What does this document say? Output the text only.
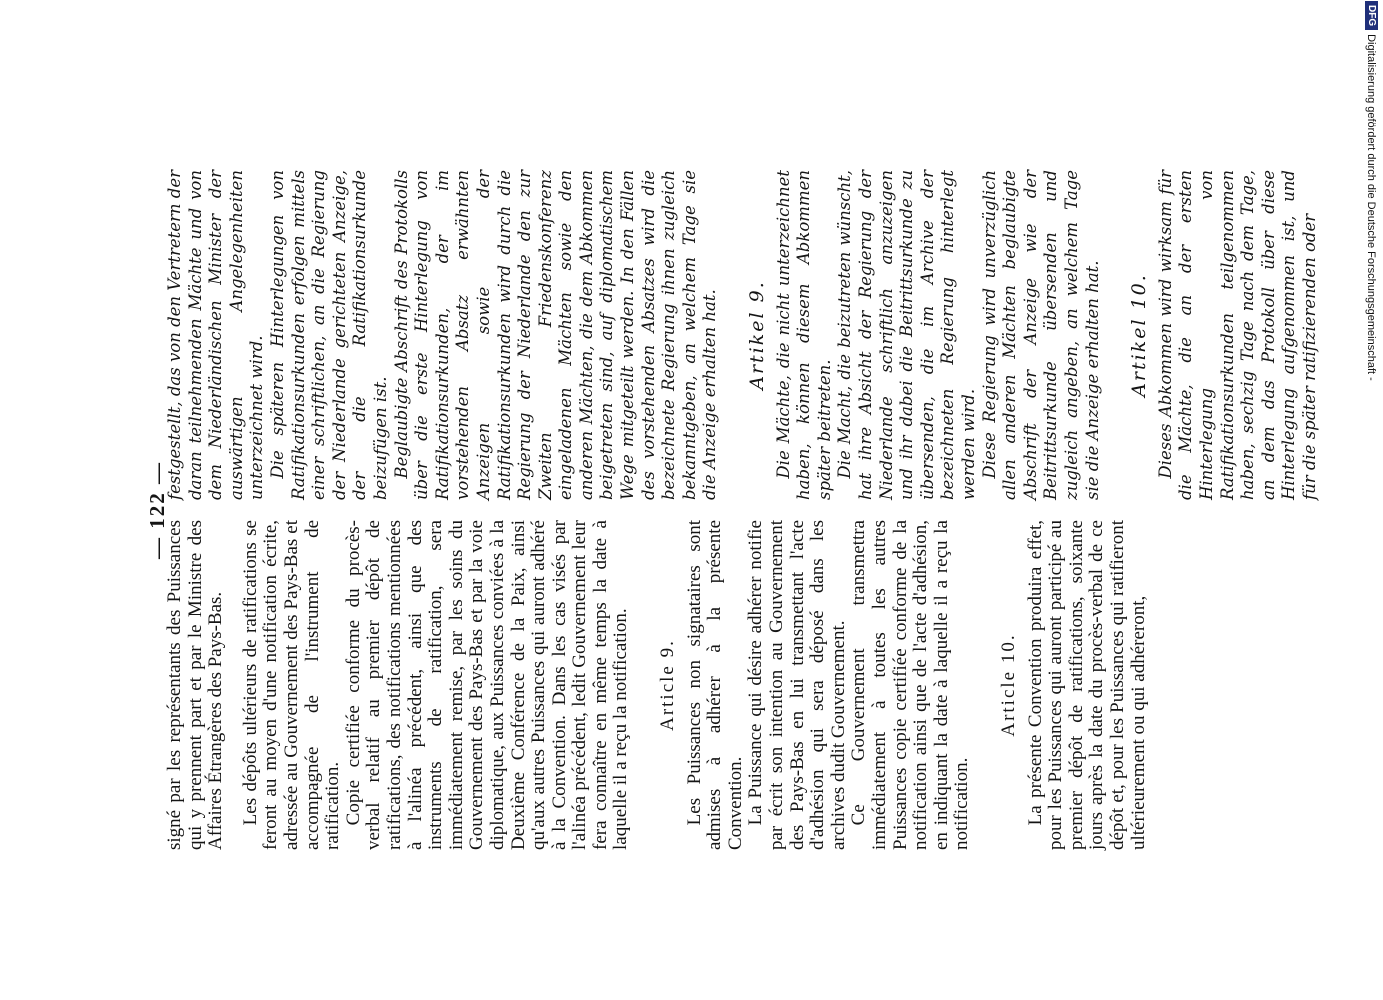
— 122 —

signé par les représentants des Puissances qui y prennent part et par le Ministre des Affaires Étrangères des Pays-Bas. Les dépôts ultérieurs de ratifications se feront au moyen d'une notification écrite, adressée au Gouvernement des Pays-Bas et accompagnée de l'instrument de ratification. Copie certifiée conforme du procès-verbal relatif au premier dépôt de ratifications, des notifications mentionnées à l'alinéa précédent, ainsi que des instruments de ratification, sera immédiatement remise, par les soins du Gouvernement des Pays-Bas et par la voie diplomatique, aux Puissances conviées à la Deuxième Conférence de la Paix, ainsi qu'aux autres Puissances qui auront adhéré à la Convention. Dans les cas visés par l'alinéa précédent, ledit Gouvernement leur fera connaître en même temps la date à laquelle il a reçu la notification. Article 9. Les Puissances non signataires sont admises à adhérer à la présente Convention. La Puissance qui désire adhérer notifie par écrit son intention au Gouvernement des Pays-Bas en lui transmettant l'acte d'adhésion qui sera déposé dans les archives dudit Gouvernement. Ce Gouvernement transmettra immédiatement à toutes les autres Puissances copie certifiée conforme de la notification ainsi que de l'acte d'adhésion, en indiquant la date à laquelle il a reçu la notification.

Article 10. La présente Convention produira effet, pour les Puissances qui auront participé au premier dépôt de ratifications, soixante jours après la date du procès-verbal de ce dépôt et, pour les Puissances qui ratifieront ultérieurement ou qui adhéreront,

festgestellt, das von den Vertretern der daran teilnehmenden Mächte und von dem Niederländischen Minister der auswärtigen Angelegenheiten unterzeichnet wird. Die späteren Hinterlegungen von Ratifikationsurkunden erfolgen mittels einer schriftlichen, an die Regierung der Niederlande gerichteten Anzeige, der die Ratifikationsurkunde beizufügen ist. Beglaubigte Abschrift des Protokolls über die erste Hinterlegung von Ratifikationsurkunden, der im vorstehenden Absatz erwähnten Anzeigen sowie der Ratifikationsurkunden wird durch die Regierung der Niederlande den zur Zweiten Friedenskonferenz eingeladenen Mächten sowie den anderen Mächten, die dem Abkommen beigetreten sind, auf diplomatischem Wege mitgeteilt werden. In den Fällen des vorstehenden Absatzes wird die bezeichnete Regierung ihnen zugleich bekanntgeben, an welchem Tage sie die Anzeige erhalten hat. Artikel 9. Die Mächte, die nicht unterzeichnet haben, können diesem Abkommen später beitreten. Die Macht, die beizutreten wünscht, hat ihre Absicht der Regierung der Niederlande schriftlich anzuzeigen und ihr dabei die Beitrittsurkunde zu übersenden, die im Archive der bezeichneten Regierung hinterlegt werden wird. Diese Regierung wird unverzüglich allen anderen Mächten beglaubigte Abschrift der Anzeige wie der Beitrittsurkunde übersenden und zugleich angeben, an welchem Tage sie die Anzeige erhalten hat. Artikel 10. Dieses Abkommen wird wirksam für die Mächte, die an der ersten Hinterlegung von Ratifikationsurkunden teilgenommen haben, sechzig Tage nach dem Tage, an dem das Protokoll über diese Hinterlegung aufgenommen ist, und für die später ratifizierenden oder

DFG
Digitalisierung gefördert durch die Deutsche Forschungsgemeinschaft -
